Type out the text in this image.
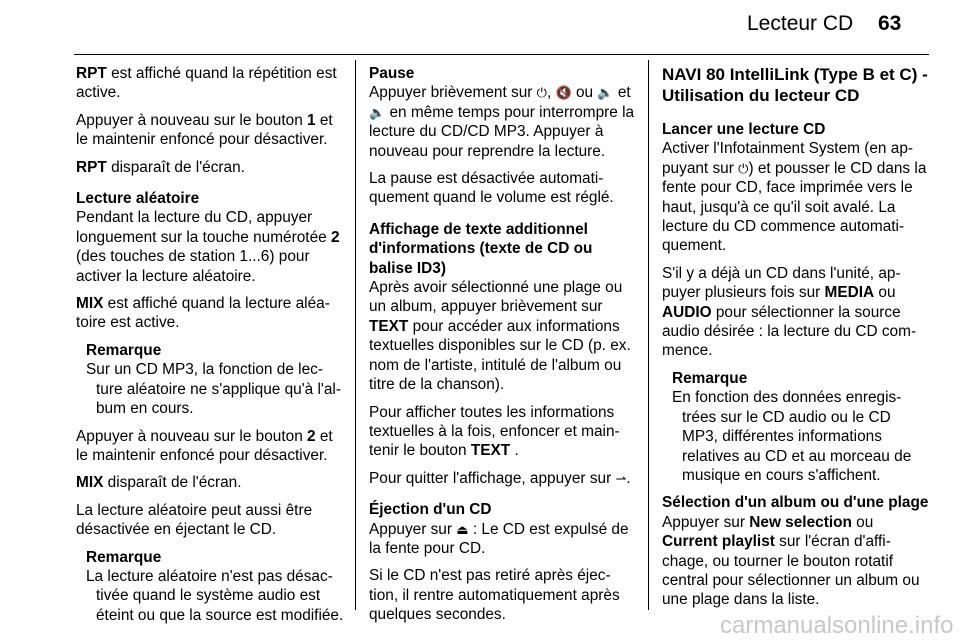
Lecteur CD 63

RPT est affiché quand la répétition est active.

Appuyer à nouveau sur le bouton 1 et le maintenir enfoncé pour désactiver.

RPT disparaît de l'écran.

Lecture aléatoire

Pendant la lecture du CD, appuyer longuement sur la touche numérotée 2 (des touches de station 1...6) pour activer la lecture aléatoire.

MIX est affiché quand la lecture aléa- toire est active.

Remarque
Sur un CD MP3, la fonction de lec- ture aléatoire ne s'applique qu'à l'al- bum en cours.

Appuyer à nouveau sur le bouton 2 et le maintenir enfoncé pour désactiver.

MIX disparaît de l'écran.

La lecture aléatoire peut aussi être désactivée en éjectant le CD.

Remarque
La lecture aléatoire n'est pas désac- tivée quand le système audio est éteint ou que la source est modifiée.
Pause

Appuyer brièvement sur ⏻, 🔇 ou 🔈 et 🔈 en même temps pour interrompre la lecture du CD/CD MP3. Appuyer à nouveau pour reprendre la lecture.

La pause est désactivée automati- quement quand le volume est réglé.

Affichage de texte additionnel d'informations (texte de CD ou balise ID3)

Après avoir sélectionné une plage ou un album, appuyer brièvement sur TEXT pour accéder aux informations textuelles disponibles sur le CD (p. ex. nom de l'artiste, intitulé de l'album ou titre de la chanson).

Pour afficher toutes les informations textuelles à la fois, enfoncer et main- tenir le bouton TEXT .

Pour quitter l'affichage, appuyer sur ⇀.

Éjection d'un CD

Appuyer sur ⏏ : Le CD est expulsé de la fente pour CD.

Si le CD n'est pas retiré après éjec- tion, il rentre automatiquement après quelques secondes.

NAVI 80 IntelliLink (Type B et C) - Utilisation du lecteur CD
Lancer une lecture CD

Activer l'Infotainment System (en ap- puyant sur ⏻) et pousser le CD dans la fente pour CD, face imprimée vers le haut, jusqu'à ce qu'il soit avalé. La lecture du CD commence automati- quement.

S'il y a déjà un CD dans l'unité, ap- puyer plusieurs fois sur MEDIA ou AUDIO pour sélectionner la source audio désirée : la lecture du CD com- mence.

Remarque
En fonction des données enregis- trées sur le CD audio ou le CD MP3, différentes informations relatives au CD et au morceau de musique en cours s'affichent.
Sélection d'un album ou d'une plage

Appuyer sur New selection ou Current playlist sur l'écran d'affi- chage, ou tourner le bouton rotatif central pour sélectionner un album ou une plage dans la liste.

carmanualsonline.info
